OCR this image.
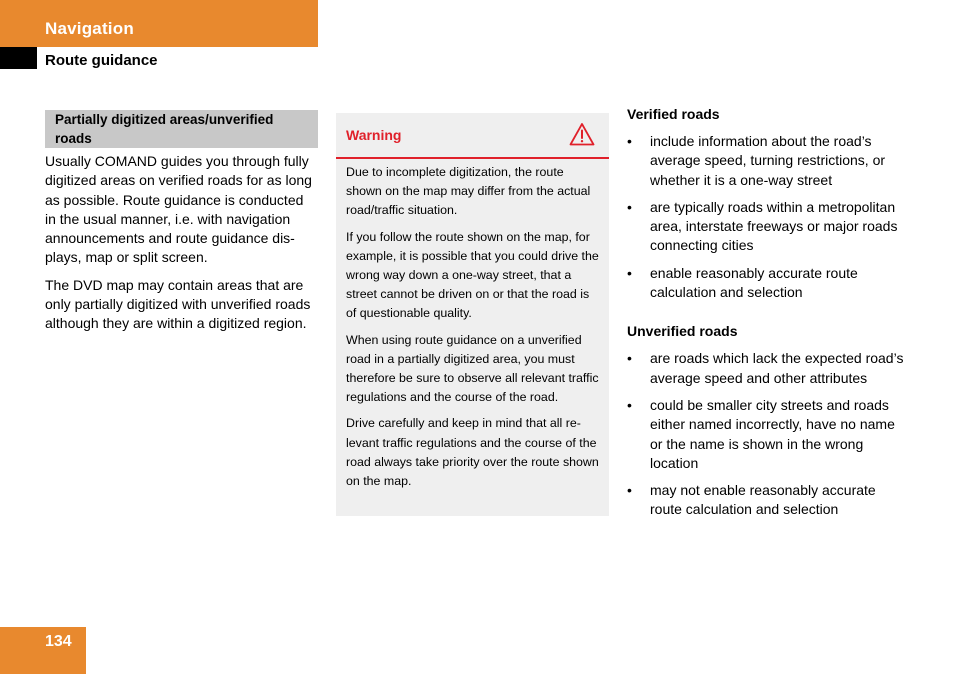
Navigation
Route guidance
Partially digitized areas/unverified roads

Usually COMAND guides you through fully digitized areas on verified roads for as long as possible. Route guidance is conducted in the usual manner, i.e. with navigation announcements and route guidance dis-plays, map or split screen.

The DVD map may contain areas that are only partially digitized with unverified roads although they are within a digitized region.

Warning

Due to incomplete digitization, the route shown on the map may differ from the actual road/traffic situation.

If you follow the route shown on the map, for example, it is possible that you could drive the wrong way down a one-way street, that a street cannot be driven on or that the road is of questionable quality.

When using route guidance on a unverified road in a partially digitized area, you must therefore be sure to observe all relevant traffic regulations and the course of the road.

Drive carefully and keep in mind that all re-levant traffic regulations and the course of the road always take priority over the route shown on the map.

Verified roads
• include information about the road’s average speed, turning restrictions, or whether it is a one-way street
• are typically roads within a metropolitan area, interstate freeways or major roads connecting cities
• enable reasonably accurate route calculation and selection
Unverified roads
• are roads which lack the expected road’s average speed and other attributes
• could be smaller city streets and roads either named incorrectly, have no name or the name is shown in the wrong location
• may not enable reasonably accurate route calculation and selection
134
